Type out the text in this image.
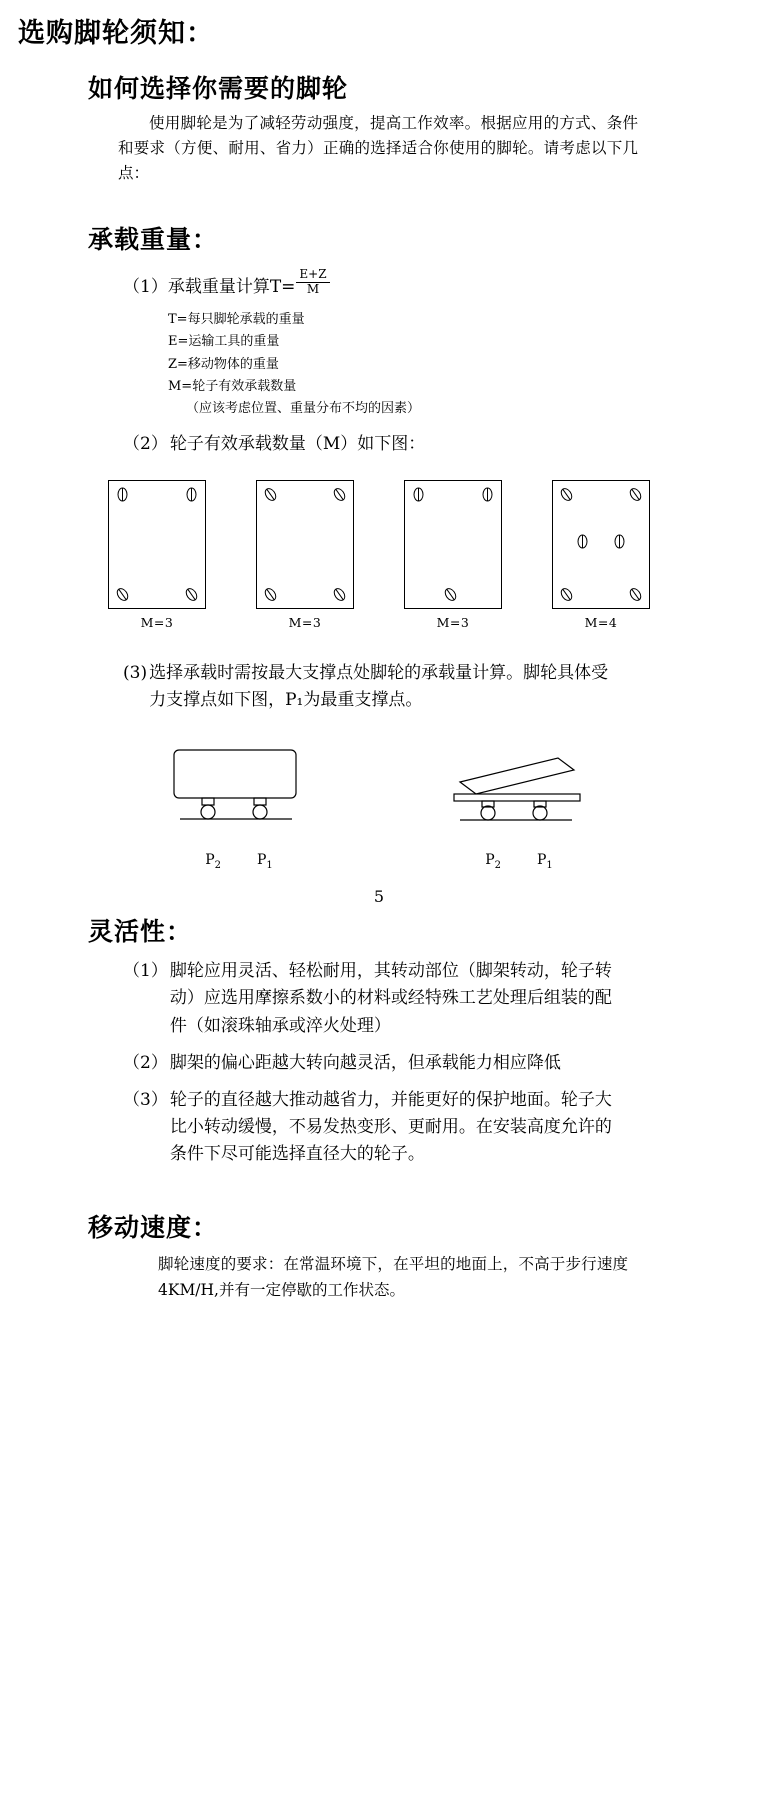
选购脚轮须知：
如何选择你需要的脚轮

使用脚轮是为了减轻劳动强度，提高工作效率。根据应用的方式、条件和要求（方便、耐用、省力）正确的选择适合你使用的脚轮。请考虑以下几点：

承载重量：
（1） 承载重量计算$T= \frac{E+Z}{M}$
T=每只脚轮承载的重量
E=运输工具的重量
Z=移动物体的重量
M=轮子有效承载数量
（应该考虑位置、重量分布不均的因素）
（2） 轮子有效承载数量（M）如下图：
M=3	M=3	M=3	M=4
(3) 选择承载时需按最大支撑点处脚轮的承载量计算。脚轮具体受力支撑点如下图，P₁为最重支撑点。
$P_2$	$P_1$	$P_2$	$P_1$
5
灵活性：
（1） 脚轮应用灵活、轻松耐用，其转动部位（脚架转动，轮子转动）应选用摩擦系数小的材料或经特殊工艺处理后组装的配件（如滚珠轴承或淬火处理）
（2） 脚架的偏心距越大转向越灵活，但承载能力相应降低
（3） 轮子的直径越大推动越省力，并能更好的保护地面。轮子大比小转动缓慢，不易发热变形、更耐用。在安装高度允许的条件下尽可能选择直径大的轮子。
移动速度：

脚轮速度的要求：在常温环境下，在平坦的地面上，不高于步行速度4KM/H,并有一定停歇的工作状态。
